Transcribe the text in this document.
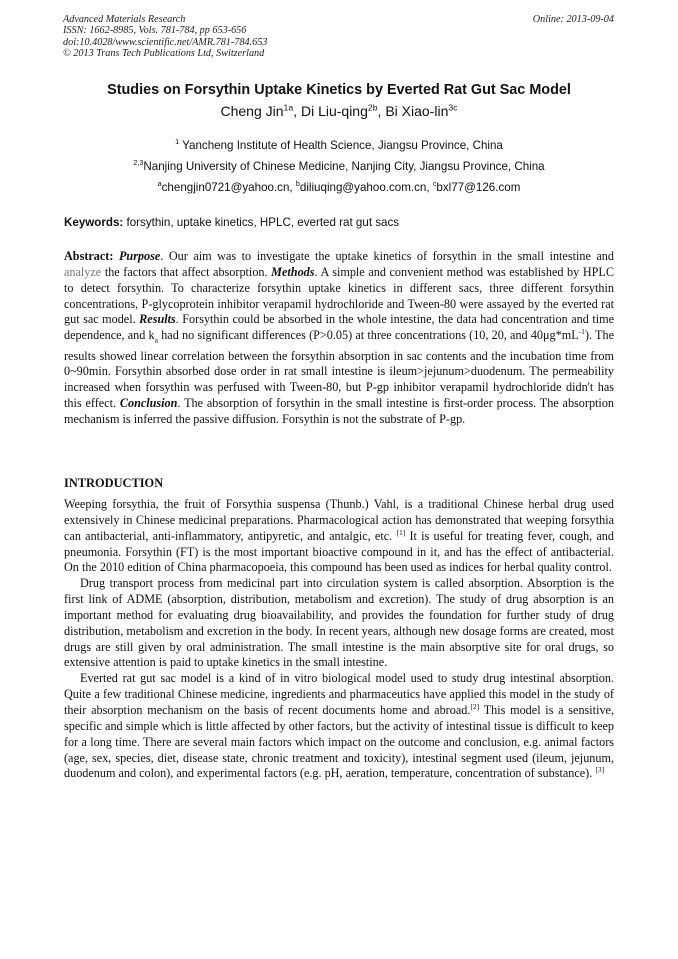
Advanced Materials Research
ISSN: 1662-8985, Vols. 781-784, pp 653-656
doi:10.4028/www.scientific.net/AMR.781-784.653
© 2013 Trans Tech Publications Ltd, Switzerland
Online: 2013-09-04
Studies on Forsythin Uptake Kinetics by Everted Rat Gut Sac Model
Cheng Jin$^{1a}$, Di Liu-qing$^{2b}$, Bi Xiao-lin$^{3c}$
$^1$ Yancheng Institute of Health Science, Jiangsu Province, China
$^{2,3}$Nanjing University of Chinese Medicine, Nanjing City, Jiangsu Province, China
$^a$chengjin0721@yahoo.cn, $^b$diliuqing@yahoo.com.cn, $^c$bxl77@126.com
Keywords: forsythin, uptake kinetics, HPLC, everted rat gut sacs

Abstract: Purpose. Our aim was to investigate the uptake kinetics of forsythin in the small intestine and analyze the factors that affect absorption. Methods. A simple and convenient method was established by HPLC to detect forsythin. To characterize forsythin uptake kinetics in different sacs, three different forsythin concentrations, P-glycoprotein inhibitor verapamil hydrochloride and Tween-80 were assayed by the everted rat gut sac model. Results. Forsythin could be absorbed in the whole intestine, the data had concentration and time dependence, and $k_a$ had no significant differences (P>0.05) at three concentrations (10, 20, and $40\mu g*mL^{-1}$). The results showed linear correlation between the forsythin absorption in sac contents and the incubation time from 0~90min. Forsythin absorbed dose order in rat small intestine is ileum>jejunum>duodenum. The permeability increased when forsythin was perfused with Tween-80, but P-gp inhibitor verapamil hydrochloride didn't has this effect. Conclusion. The absorption of forsythin in the small intestine is first-order process. The absorption mechanism is inferred the passive diffusion. Forsythin is not the substrate of P-gp.

INTRODUCTION

Weeping forsythia, the fruit of Forsythia suspensa (Thunb.) Vahl, is a traditional Chinese herbal drug used extensively in Chinese medicinal preparations. Pharmacological action has demonstrated that weeping forsythia can antibacterial, anti-inflammatory, antipyretic, and antalgic, etc. [1] It is useful for treating fever, cough, and pneumonia. Forsythin (FT) is the most important bioactive compound in it, and has the effect of antibacterial. On the 2010 edition of China pharmacopoeia, this compound has been used as indices for herbal quality control.

Drug transport process from medicinal part into circulation system is called absorption. Absorption is the first link of ADME (absorption, distribution, metabolism and excretion). The study of drug absorption is an important method for evaluating drug bioavailability, and provides the foundation for further study of drug distribution, metabolism and excretion in the body. In recent years, although new dosage forms are created, most drugs are still given by oral administration. The small intestine is the main absorptive site for oral drugs, so extensive attention is paid to uptake kinetics in the small intestine.

Everted rat gut sac model is a kind of in vitro biological model used to study drug intestinal absorption. Quite a few traditional Chinese medicine, ingredients and pharmaceutics have applied this model in the study of their absorption mechanism on the basis of recent documents home and abroad.[2] This model is a sensitive, specific and simple which is little affected by other factors, but the activity of intestinal tissue is difficult to keep for a long time. There are several main factors which impact on the outcome and conclusion, e.g. animal factors (age, sex, species, diet, disease state, chronic treatment and toxicity), intestinal segment used (ileum, jejunum, duodenum and colon), and experimental factors (e.g. pH, aeration, temperature, concentration of substance). [3]
